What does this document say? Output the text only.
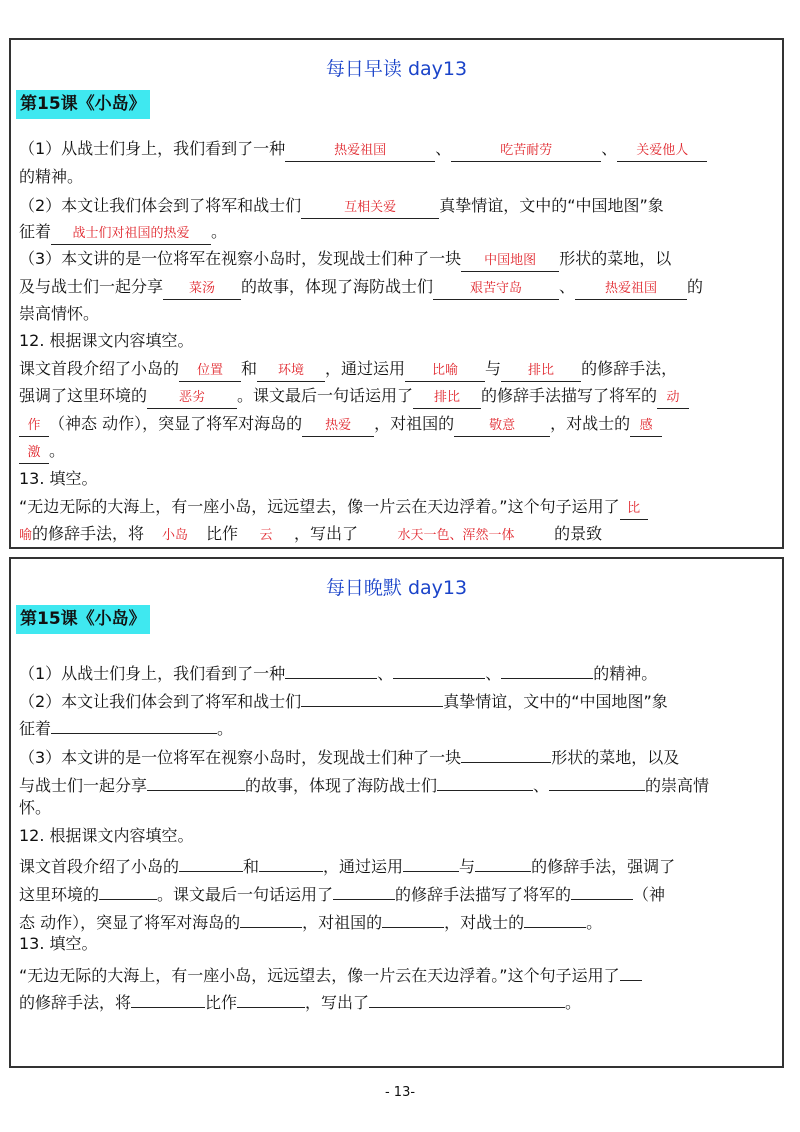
每日早读 day13
第15课《小岛》
（1）从战士们身上，我们看到了一种	热爱祖国	、	吃苦耐劳	、 关爱他人
的精神。
（2）本文让我们体会到了将军和战士们	互相关爱	真挚情谊，文中的“中国地图”象
征着 战士们对祖国的热爱 。
（3）本文讲的是一位将军在视察小岛时，发现战士们种了一块 中国地图 形状的菜地，以
及与战士们一起分享 菜汤 的故事，体现了海防战士们	艰苦守岛 、 热爱祖国 的
崇高情怀。
12. 根据课文内容填空。
课文首段介绍了小岛的 位置 和 环境 ，通过运用 比喻 与 排比 的修辞手法，
强调了这里环境的 恶劣 。课文最后一句话运用了 排比 的修辞手法描写了将军的 动
作 （神态 动作），突显了将军对海岛的 热爱 ，对祖国的	敬意 ，对战士的 感
激 。
13. 填空。
“无边无际的大海上，有一座小岛，远远望去，像一片云在天边浮着。”这个句子运用了 比
喻的修辞手法，将 小岛 比作 云 ，写出了	水天一色、浑然一体 的景致
每日晚默 day13
第15课《小岛》
（1）从战士们身上，我们看到了一种	、	、	的精神。
（2）本文让我们体会到了将军和战士们	真挚情谊，文中的“中国地图”象
征着	。
（3）本文讲的是一位将军在视察小岛时，发现战士们种了一块	形状的菜地，以及
与战士们一起分享	的故事，体现了海防战士们	、	的崇高情
怀。
12. 根据课文内容填空。
课文首段介绍了小岛的	和	，通过运用	与	的修辞手法，强调了
这里环境的	。课文最后一句话运用了	的修辞手法描写了将军的	（神
态 动作），突显了将军对海岛的	，对祖国的	，对战士的	。
13. 填空。
“无边无际的大海上，有一座小岛，远远望去，像一片云在天边浮着。”这个句子运用了
的修辞手法，将	比作	，写出了	。
- 13-
